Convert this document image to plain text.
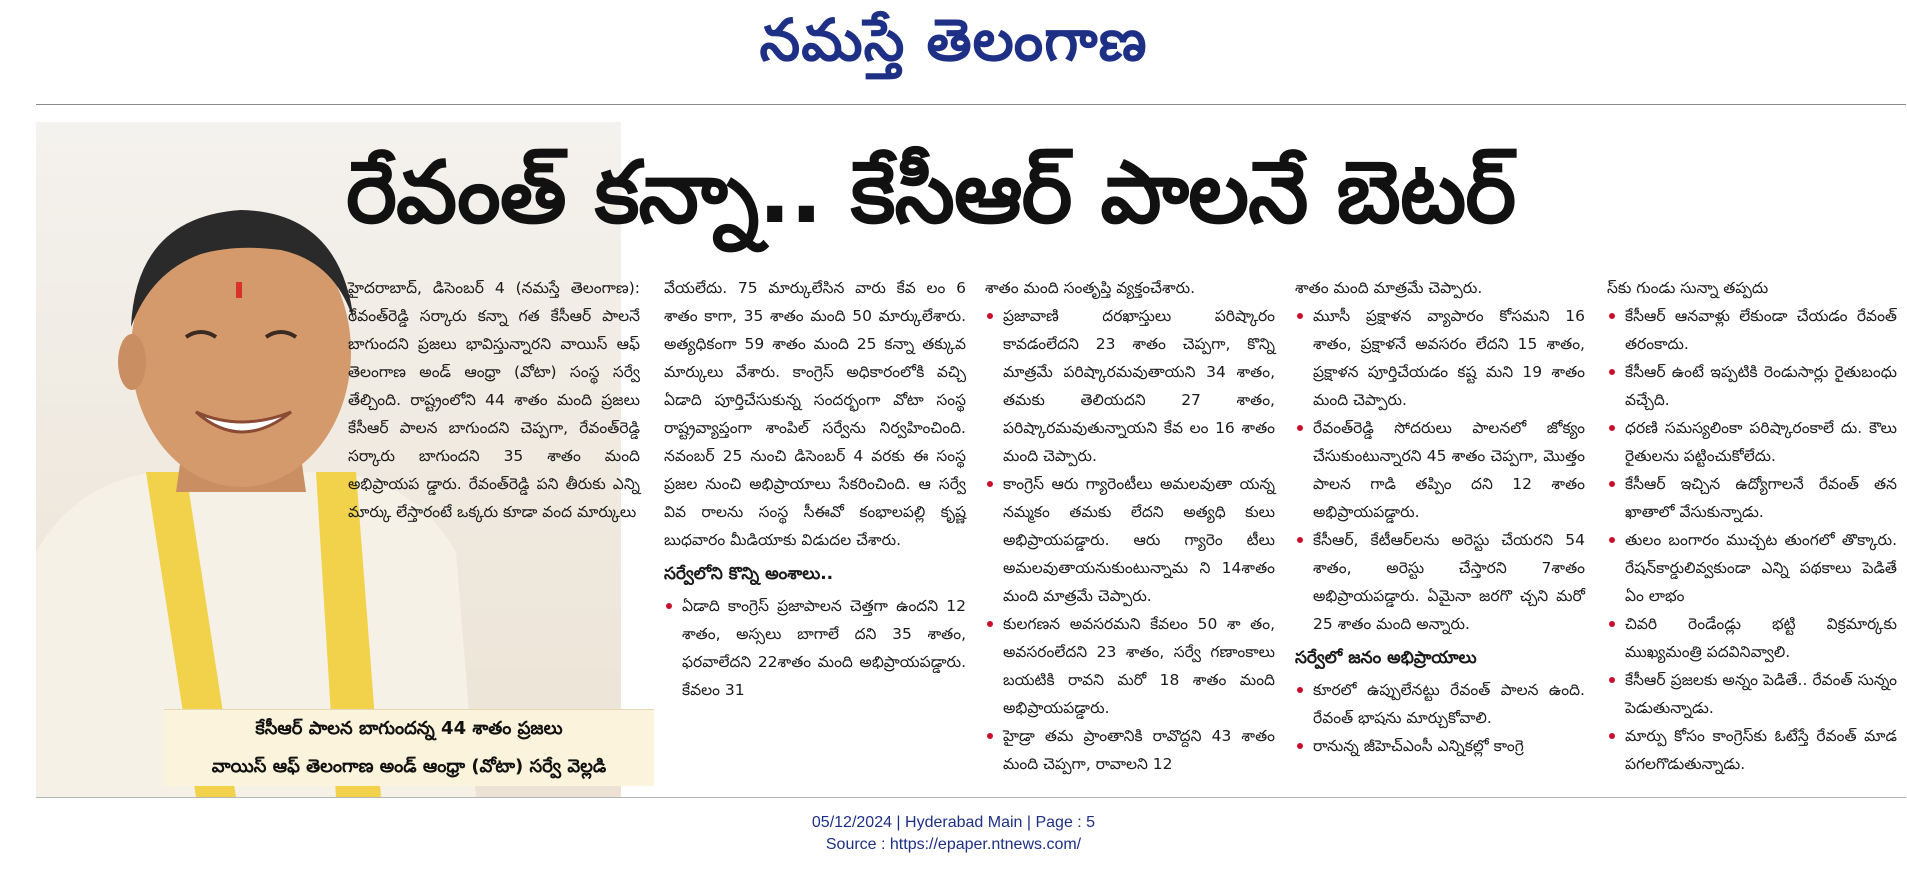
నమస్తే తెలంగాణ
రేవంత్ కన్నా.. కేసీఆర్ పాలనే బెటర్

కేసీఆర్ పాలన బాగుందన్న 44 శాతం ప్రజలు

వాయిస్ ఆఫ్ తెలంగాణ అండ్ ఆంధ్రా (వోటా) సర్వే వెల్లడి

హైదరాబాద్, డిసెంబర్ 4 (నమస్తే తెలంగాణ): రేవంత్‌రెడ్డి సర్కారు కన్నా గత కేసీఆర్ పాలనే బాగుందని ప్రజలు భావిస్తున్నారని వాయిస్ ఆఫ్ తెలంగాణ అండ్ ఆంధ్రా (వోటా) సంస్థ సర్వే తేల్చింది. రాష్ట్రంలోని 44 శాతం మంది ప్రజలు కేసీఆర్ పాలన బాగుందని చెప్పగా, రేవంత్‌రెడ్డి సర్కారు బాగుందని 35 శాతం మంది అభిప్రాయప డ్డారు. రేవంత్‌రెడ్డి పని తీరుకు ఎన్ని మార్కు లేస్తారంటే ఒక్కరు కూడా వంద మార్కులు

వేయలేదు. 75 మార్కులేసిన వారు కేవ లం 6 శాతం కాగా, 35 శాతం మంది 50 మార్కులేశారు. అత్యధికంగా 59 శాతం మంది 25 కన్నా తక్కువ మార్కులు వేశారు. కాంగ్రెస్ అధికారంలోకి వచ్చి ఏడాది పూర్తిచేసుకున్న సందర్భంగా వోటా సంస్థ రాష్ట్రవ్యాప్తంగా శాంపిల్ సర్వేను నిర్వహించింది. నవంబర్ 25 నుంచి డిసెంబర్ 4 వరకు ఈ సంస్థ ప్రజల నుంచి అభిప్రాయాలు సేకరించింది. ఆ సర్వే వివ రాలను సంస్థ సీఈవో కంభాలపల్లి కృష్ణ బుధవారం మీడియాకు విడుదల చేశారు.

సర్వేలోని కొన్ని అంశాలు..
ఏడాది కాంగ్రెస్ ప్రజాపాలన చెత్తగా ఉందని 12 శాతం, అస్సలు బాగాలే దని 35 శాతం, ఫరవాలేదని 22శాతం మంది అభిప్రాయపడ్డారు. కేవలం 31

శాతం మంది సంతృప్తి వ్యక్తంచేశారు.

ప్రజావాణి దరఖాస్తులు పరిష్కారం కావడంలేదని 23 శాతం చెప్పగా, కొన్ని మాత్రమే పరిష్కారమవుతాయని 34 శాతం, తమకు తెలియదని 27 శాతం, పరిష్కారమవుతున్నాయని కేవ లం 16 శాతం మంది చెప్పారు.
కాంగ్రెస్ ఆరు గ్యారెంటీలు అమలవుతా యన్న నమ్మకం తమకు లేదని అత్యధి కులు అభిప్రాయపడ్డారు. ఆరు గ్యారెం టీలు అమలవుతాయనుకుంటున్నామ ని 14శాతం మంది మాత్రమే చెప్పారు.
కులగణన అవసరమని కేవలం 50 శా తం, అవసరంలేదని 23 శాతం, సర్వే గణాంకాలు బయటికి రావని మరో 18 శాతం మంది అభిప్రాయపడ్డారు.
హైడ్రా తమ ప్రాంతానికి రావొద్దని 43 శాతం మంది చెప్పగా, రావాలని 12

శాతం మంది మాత్రమే చెప్పారు.

మూసీ ప్రక్షాళన వ్యాపారం కోసమని 16 శాతం, ప్రక్షాళనే అవసరం లేదని 15 శాతం, ప్రక్షాళన పూర్తిచేయడం కష్ట మని 19 శాతం మంది చెప్పారు.
రేవంత్‌రెడ్డి సోదరులు పాలనలో జోక్యం చేసుకుంటున్నారని 45 శాతం చెప్పగా, మొత్తం పాలన గాడి తప్పిం దని 12 శాతం అభిప్రాయపడ్డారు.
కేసీఆర్, కేటీఆర్‌లను అరెస్టు చేయరని 54 శాతం, అరెస్టు చేస్తారని 7శాతం అభిప్రాయపడ్డారు. ఏమైనా జరగొ చ్చని మరో 25 శాతం మంది అన్నారు.
సర్వేలో జనం అభిప్రాయాలు
కూరలో ఉప్పులేనట్టు రేవంత్ పాలన ఉంది. రేవంత్ భాషను మార్చుకోవాలి.
రానున్న జీహెచ్‌ఎంసీ ఎన్నికల్లో కాంగ్రె

స్‌కు గుండు సున్నా తప్పదు

కేసీఆర్ ఆనవాళ్లు లేకుండా చేయడం రేవంత్ తరంకాదు.
కేసీఆర్ ఉంటే ఇప్పటికి రెండుసార్లు రైతుబంధు వచ్చేది.
ధరణి సమస్యలింకా పరిష్కారంకాలే దు. కౌలు రైతులను పట్టించుకోలేదు.
కేసీఆర్ ఇచ్చిన ఉద్యోగాలనే రేవంత్ తన ఖాతాలో వేసుకున్నాడు.
తులం బంగారం ముచ్చట తుంగలో తొక్కారు. రేషన్‌కార్డులివ్వకుండా ఎన్ని పథకాలు పెడితే ఏం లాభం
చివరి రెండేండ్లు భట్టి విక్రమార్కకు ముఖ్యమంత్రి పదవినివ్వాలి.
కేసీఆర్ ప్రజలకు అన్నం పెడితే.. రేవంత్ సున్నం పెడుతున్నాడు.
మార్పు కోసం కాంగ్రెస్‌కు ఓటేస్తే రేవంత్ మాడ పగలగొడుతున్నాడు.
05/12/2024 | Hyderabad Main | Page : 5
Source : https://epaper.ntnews.com/
